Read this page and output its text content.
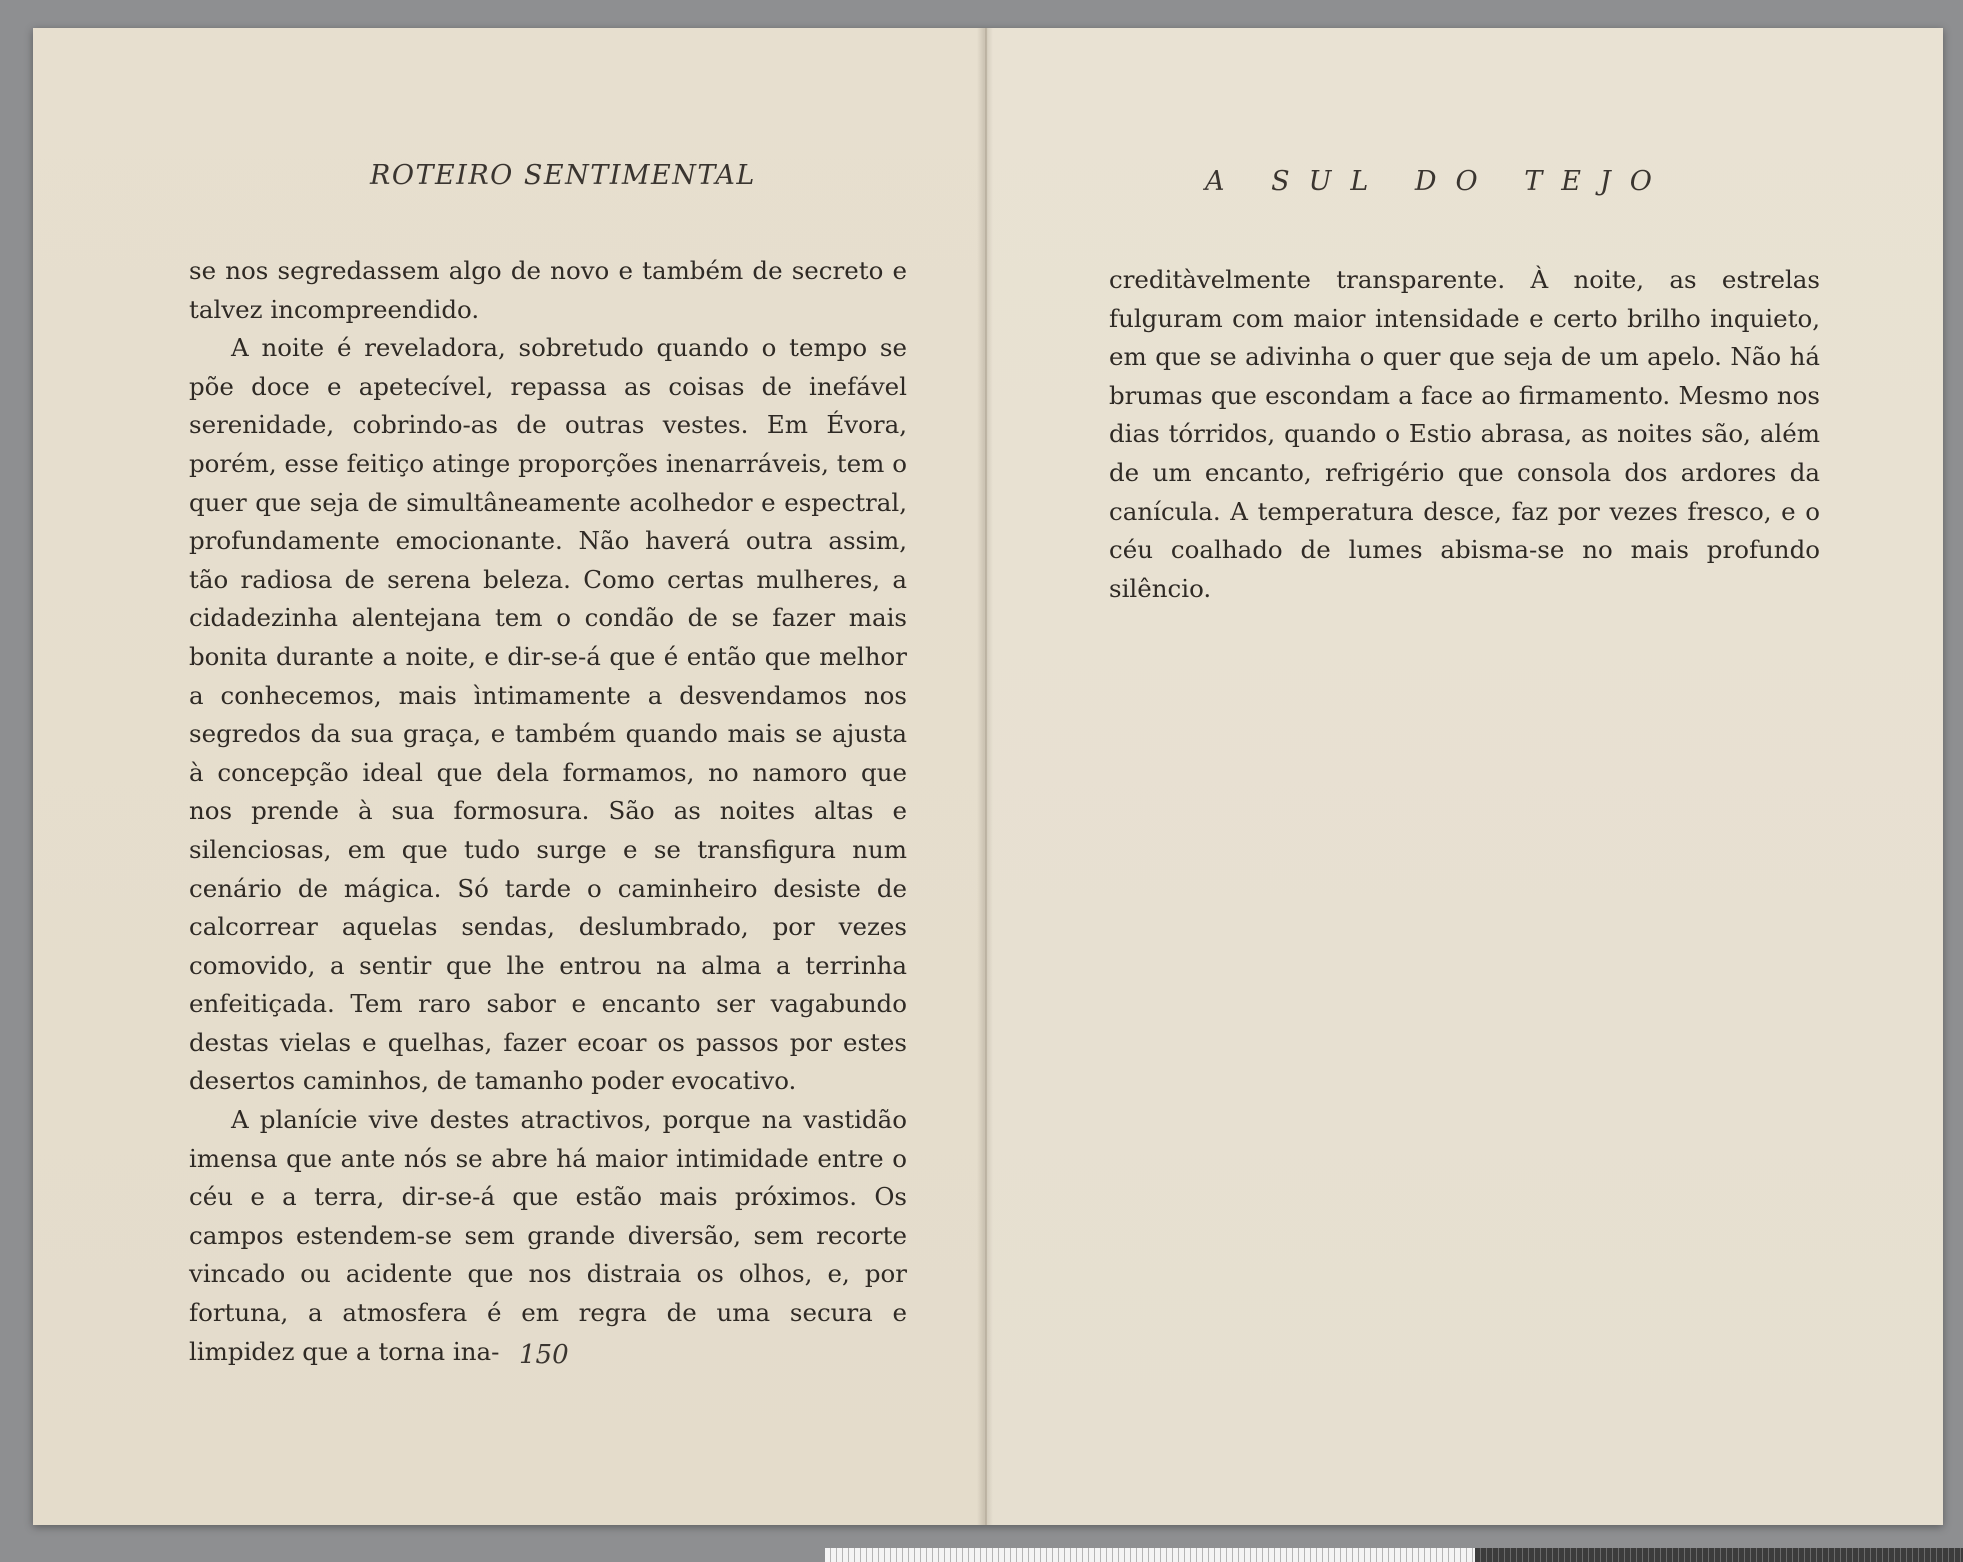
ROTEIRO SENTIMENTAL

se nos segredassem algo de novo e também de secreto e talvez incompreendido.

A noite é reveladora, sobretudo quando o tempo se põe doce e apetecível, repassa as coisas de inefável serenidade, cobrindo-as de outras vestes. Em Évora, porém, esse feitiço atinge proporções inenarráveis, tem o quer que seja de simultâneamente acolhedor e espectral, profundamente emocionante. Não haverá outra assim, tão radiosa de serena beleza. Como certas mulheres, a cidadezinha alentejana tem o condão de se fazer mais bonita durante a noite, e dir-se-á que é então que melhor a conhecemos, mais ìntimamente a desvendamos nos segredos da sua graça, e também quando mais se ajusta à concepção ideal que dela formamos, no namoro que nos prende à sua formosura. São as noites altas e silenciosas, em que tudo surge e se transfigura num cenário de mágica. Só tarde o caminheiro desiste de calcorrear aquelas sendas, deslumbrado, por vezes comovido, a sentir que lhe entrou na alma a terrinha enfeitiçada. Tem raro sabor e encanto ser vagabundo destas vielas e quelhas, fazer ecoar os passos por estes desertos caminhos, de tamanho poder evocativo.

A planície vive destes atractivos, porque na vastidão imensa que ante nós se abre há maior intimidade entre o céu e a terra, dir-se-á que estão mais próximos. Os campos estendem-se sem grande diversão, sem recorte vincado ou acidente que nos distraia os olhos, e, por fortuna, a atmosfera é em regra de uma secura e limpidez que a torna ina- 150
A SUL DO TEJO

creditàvelmente transparente. À noite, as estrelas fulguram com maior intensidade e certo brilho inquieto, em que se adivinha o quer que seja de um apelo. Não há brumas que escondam a face ao firmamento. Mesmo nos dias tórridos, quando o Estio abrasa, as noites são, além de um encanto, refrigério que consola dos ardores da canícula. A temperatura desce, faz por vezes fresco, e o céu coalhado de lumes abisma-se no mais profundo silêncio.
